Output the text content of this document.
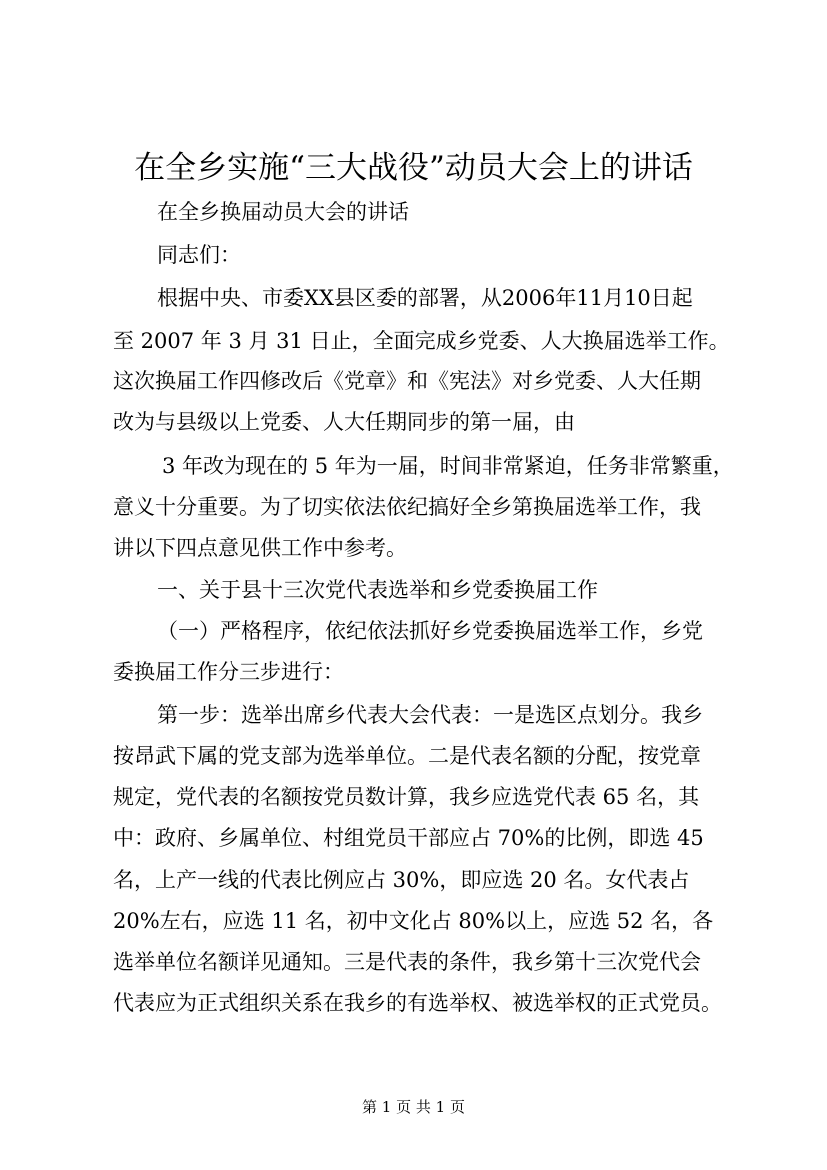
在全乡实施“三大战役”动员大会上的讲话

在全乡换届动员大会的讲话

同志们：

根据中央、市委XX县区委的部署，从2006年11月10日起

至 2007 年 3 月 31 日止，全面完成乡党委、人大换届选举工作。

这次换届工作四修改后《党章》和《宪法》对乡党委、人大任期

改为与县级以上党委、人大任期同步的第一届，由

3 年改为现在的 5 年为一届，时间非常紧迫，任务非常繁重，

意义十分重要。为了切实依法依纪搞好全乡第换届选举工作，我

讲以下四点意见供工作中参考。

一、关于县十三次党代表选举和乡党委换届工作

（一）严格程序，依纪依法抓好乡党委换届选举工作，乡党

委换届工作分三步进行：

第一步：选举出席乡代表大会代表：一是选区点划分。我乡

按昂武下属的党支部为选举单位。二是代表名额的分配，按党章

规定，党代表的名额按党员数计算，我乡应选党代表 65 名，其

中：政府、乡属单位、村组党员干部应占 70%的比例，即选 45

名，上产一线的代表比例应占 30%，即应选 20 名。女代表占

20%左右，应选 11 名，初中文化占 80%以上，应选 52 名，各

选举单位名额详见通知。三是代表的条件，我乡第十三次党代会

代表应为正式组织关系在我乡的有选举权、被选举权的正式党员。

第 1 页 共 1 页
